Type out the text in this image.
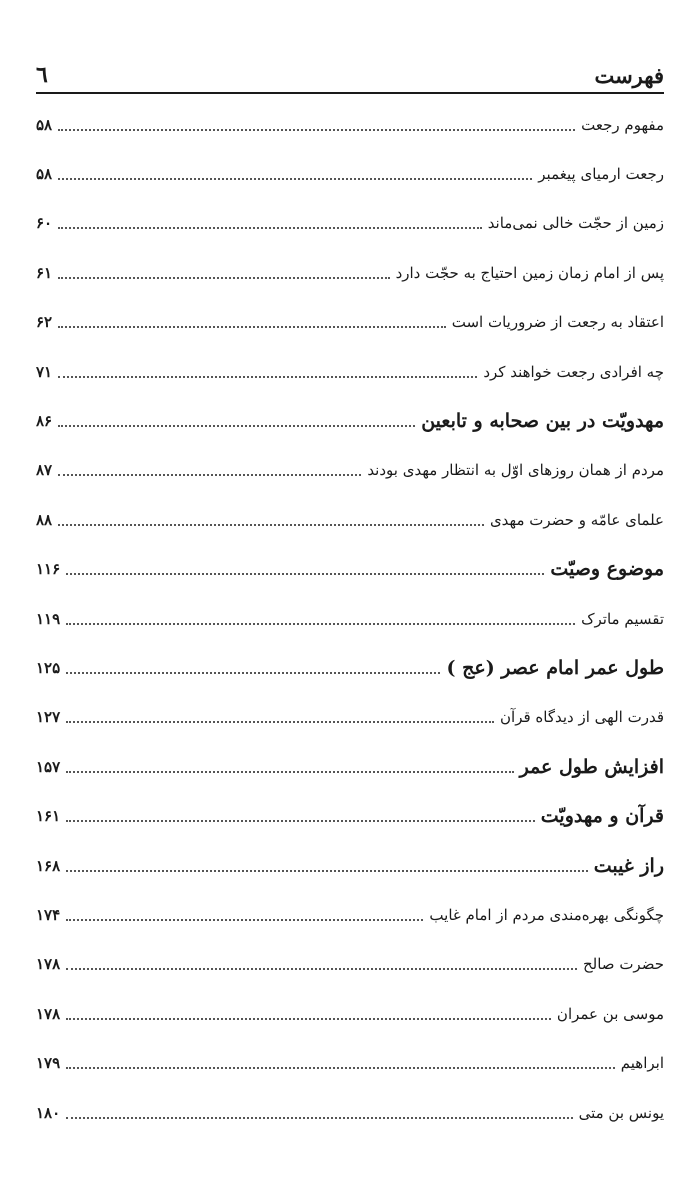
فهرست
٦
مفهوم رجعت
۵۸
رجعت ارمیای پیغمبر
۵۸
زمین از حجّت خالی نمی‌ماند
۶۰
پس از امام زمان زمین احتیاج به حجّت دارد
۶۱
اعتقاد به رجعت از ضروریات است
۶۲
چه افرادی رجعت خواهند کرد
۷۱
مهدویّت در بین صحابه و تابعین
۸۶
مردم از همان روزهای اوّل به انتظار مهدی بودند
۸۷
علمای عامّه و حضرت مهدی
۸۸
موضوع وصیّت
۱۱۶
تقسیم ماترک
۱۱۹
طول عمر امام عصر (عج )
۱۲۵
قدرت الهی از دیدگاه قرآن
۱۲۷
افزایش طول عمر
۱۵۷
قرآن و مهدویّت
۱۶۱
راز غیبت
۱۶۸
چگونگی بهره‌مندی مردم از امام غایب
۱۷۴
حضرت صالح
۱۷۸
موسی بن عمران
۱۷۸
ابراهیم
۱۷۹
یونس بن متی
۱۸۰
